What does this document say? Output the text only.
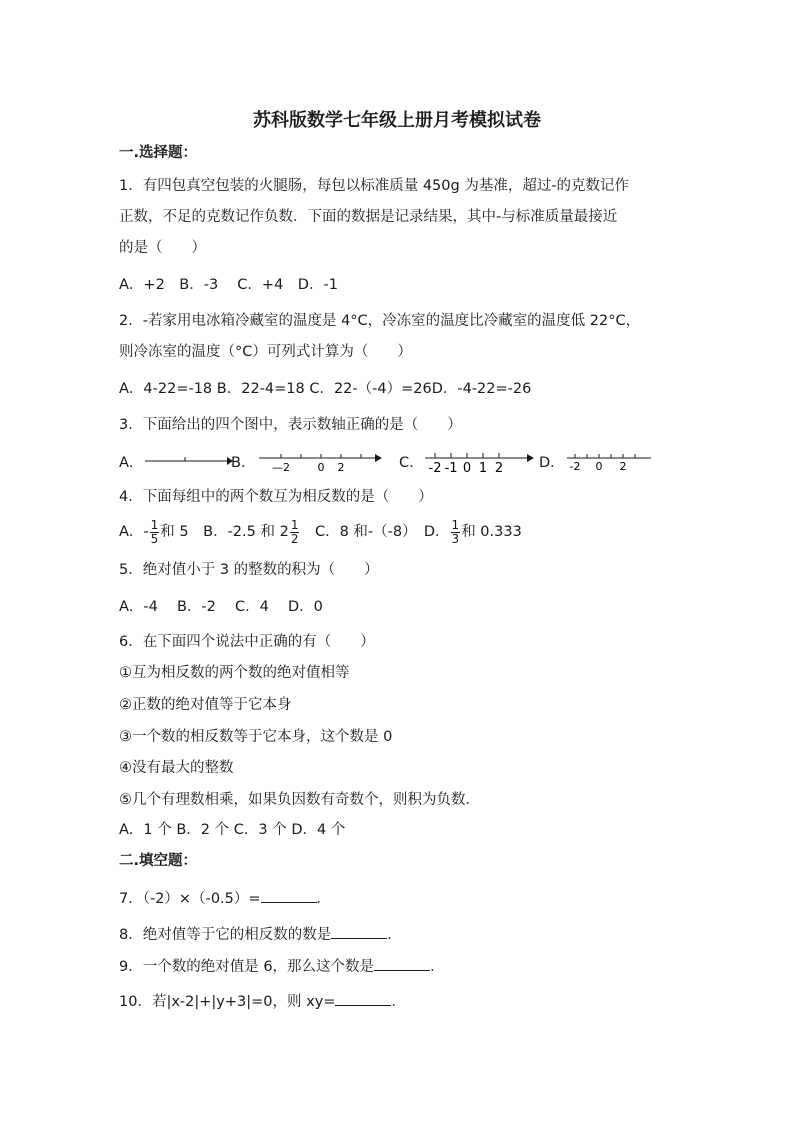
苏科版数学七年级上册月考模拟试卷
一.选择题：
1．有四包真空包装的火腿肠，每包以标准质量 450g 为基准，超过-的克数记作
正数，不足的克数记作负数．下面的数据是记录结果，其中-与标准质量最接近
的是（　　）
A．+2　B．-3　 C．+4　D．-1
2．-若家用电冰箱冷藏室的温度是 4°C，冷冻室的温度比冷藏室的温度低 22°C，
则冷冻室的温度（°C）可列式计算为（　　）
A．4-22=-18 B．22-4=18 C．22-（-4）=26D．-4-22=-26
3．下面给出的四个图中，表示数轴正确的是（　　）
A．	B． —2	0 2	C． -2 -1 0 1 2 D． -2 0 2
4．下面每组中的两个数互为相反数的是（　　）
A．- $\frac{1}{5}$ 和 5　B．-2.5 和 $2 \frac{1}{2}$ 　C．8 和-（-8）　D． $\frac{1}{3}$ 和 0.333
5．绝对值小于 3 的整数的积为（　　）
A．-4　 B．-2　 C．4　 D．0
6．在下面四个说法中正确的有（　　）
①互为相反数的两个数的绝对值相等
②正数的绝对值等于它本身
③一个数的相反数等于它本身，这个数是 0
④没有最大的整数
⑤几个有理数相乘，如果负因数有奇数个，则积为负数．
A．1 个 B．2 个 C．3 个 D．4 个
二.填空题：
7．（-2）×（-0.5）=	．
8．绝对值等于它的相反数的数是	．
9．一个数的绝对值是 6，那么这个数是	．
10．若|x-2|+|y+3|=0，则 xy=	．
